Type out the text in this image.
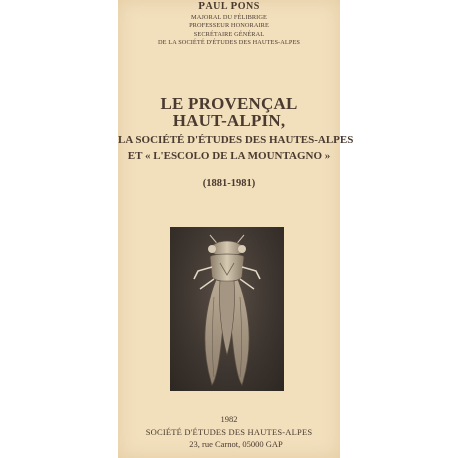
PAUL PONS
MAJORAL DU FÉLIBRIGE
PROFESSEUR HONORAIRE
SECRÉTAIRE GÉNÉRAL
DE LA SOCIÉTÉ D'ÉTUDES DES HAUTES-ALPES
LE PROVENÇAL
HAUT-ALPIN,
LA SOCIÉTÉ D'ÉTUDES DES HAUTES-ALPES
ET « L'ESCOLO DE LA MOUNTAGNO »
(1881-1981)
1982
SOCIÉTÉ D'ÉTUDES DES HAUTES-ALPES
23, rue Carnot, 05000 GAP
